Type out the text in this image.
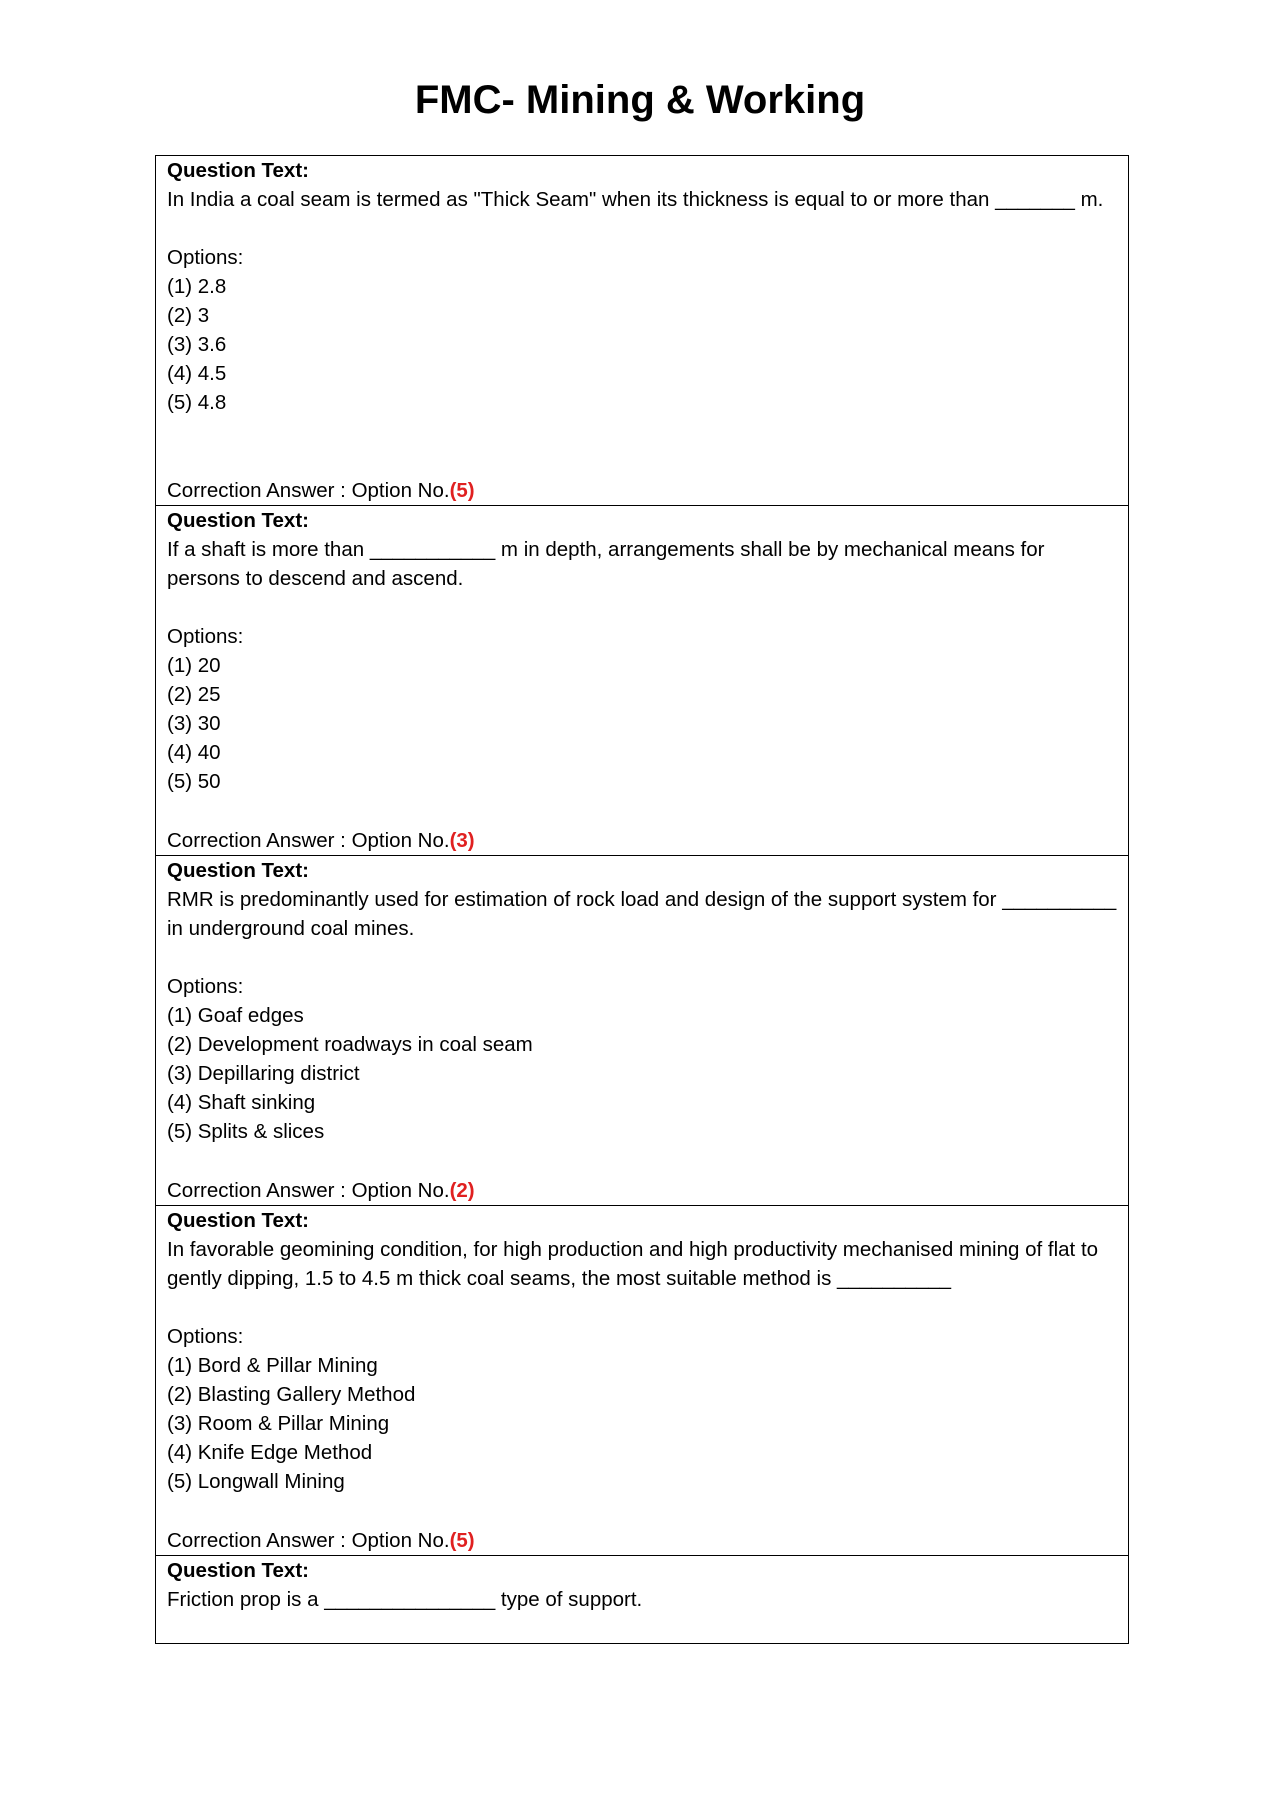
FMC- Mining & Working
Question Text:
In India a coal seam is termed as "Thick Seam" when its thickness is equal to or more than _______ m.
Options:
(1) 2.8
(2) 3
(3) 3.6
(4) 4.5
(5) 4.8
Correction Answer : Option No.(5)
Question Text:
If a shaft is more than ___________ m in depth, arrangements shall be by mechanical means for persons to descend and ascend.
Options:
(1) 20
(2) 25
(3) 30
(4) 40
(5) 50
Correction Answer : Option No.(3)
Question Text:
RMR is predominantly used for estimation of rock load and design of the support system for __________ in underground coal mines.
Options:
(1) Goaf edges
(2) Development roadways in coal seam
(3) Depillaring district
(4) Shaft sinking
(5) Splits & slices
Correction Answer : Option No.(2)
Question Text:
In favorable geomining condition, for high production and high productivity mechanised mining of flat to gently dipping, 1.5 to 4.5 m thick coal seams, the most suitable method is __________
Options:
(1) Bord & Pillar Mining
(2) Blasting Gallery Method
(3) Room & Pillar Mining
(4) Knife Edge Method
(5) Longwall Mining
Correction Answer : Option No.(5)
Question Text:
Friction prop is a _______________ type of support.
